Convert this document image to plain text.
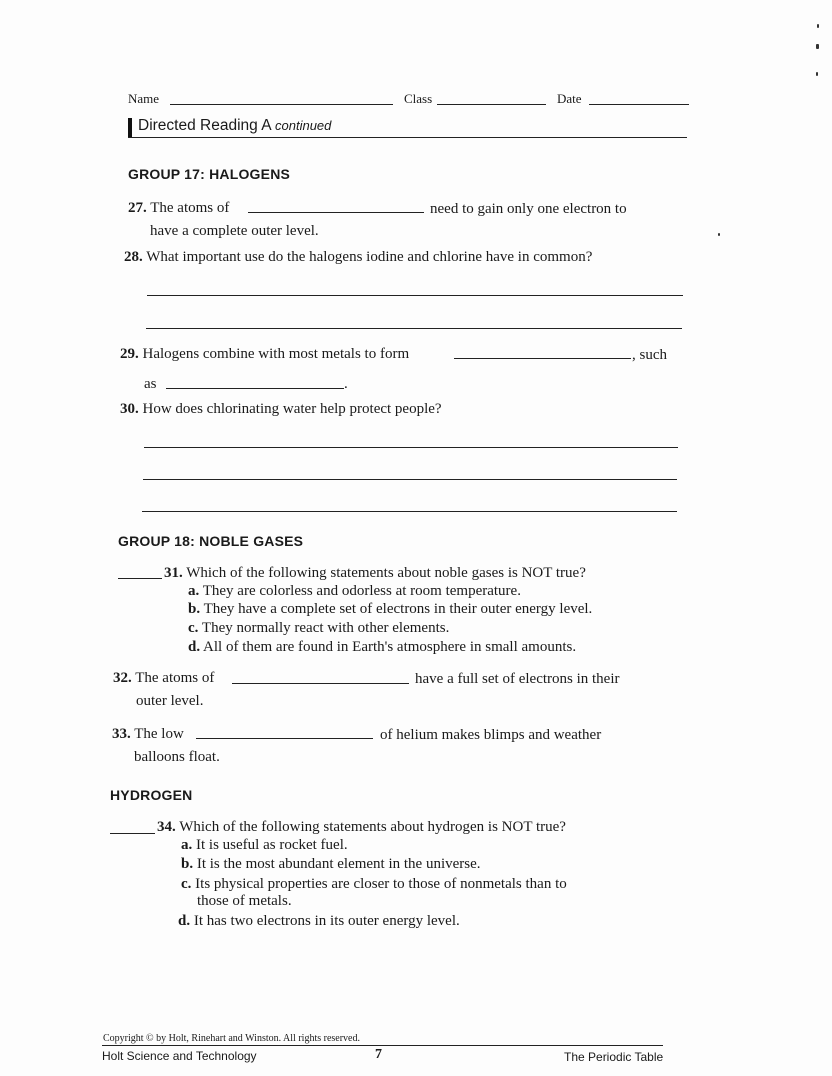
Name	Class	Date
Directed Reading A continued
GROUP 17: HALOGENS
27. The atoms of	need to gain only one electron to
have a complete outer level.
28. What important use do the halogens iodine and chlorine have in common?
29. Halogens combine with most metals to form	, such
as	.
30. How does chlorinating water help protect people?
GROUP 18: NOBLE GASES
31. Which of the following statements about noble gases is NOT true?
a. They are colorless and odorless at room temperature.
b. They have a complete set of electrons in their outer energy level.
c. They normally react with other elements.
d. All of them are found in Earth's atmosphere in small amounts.
32. The atoms of	have a full set of electrons in their
outer level.
33. The low	of helium makes blimps and weather
balloons float.
HYDROGEN
34. Which of the following statements about hydrogen is NOT true?
a. It is useful as rocket fuel.
b. It is the most abundant element in the universe.
c. Its physical properties are closer to those of nonmetals than to
those of metals.
d. It has two electrons in its outer energy level.
Copyright © by Holt, Rinehart and Winston. All rights reserved.
Holt Science and Technology	7	The Periodic Table
